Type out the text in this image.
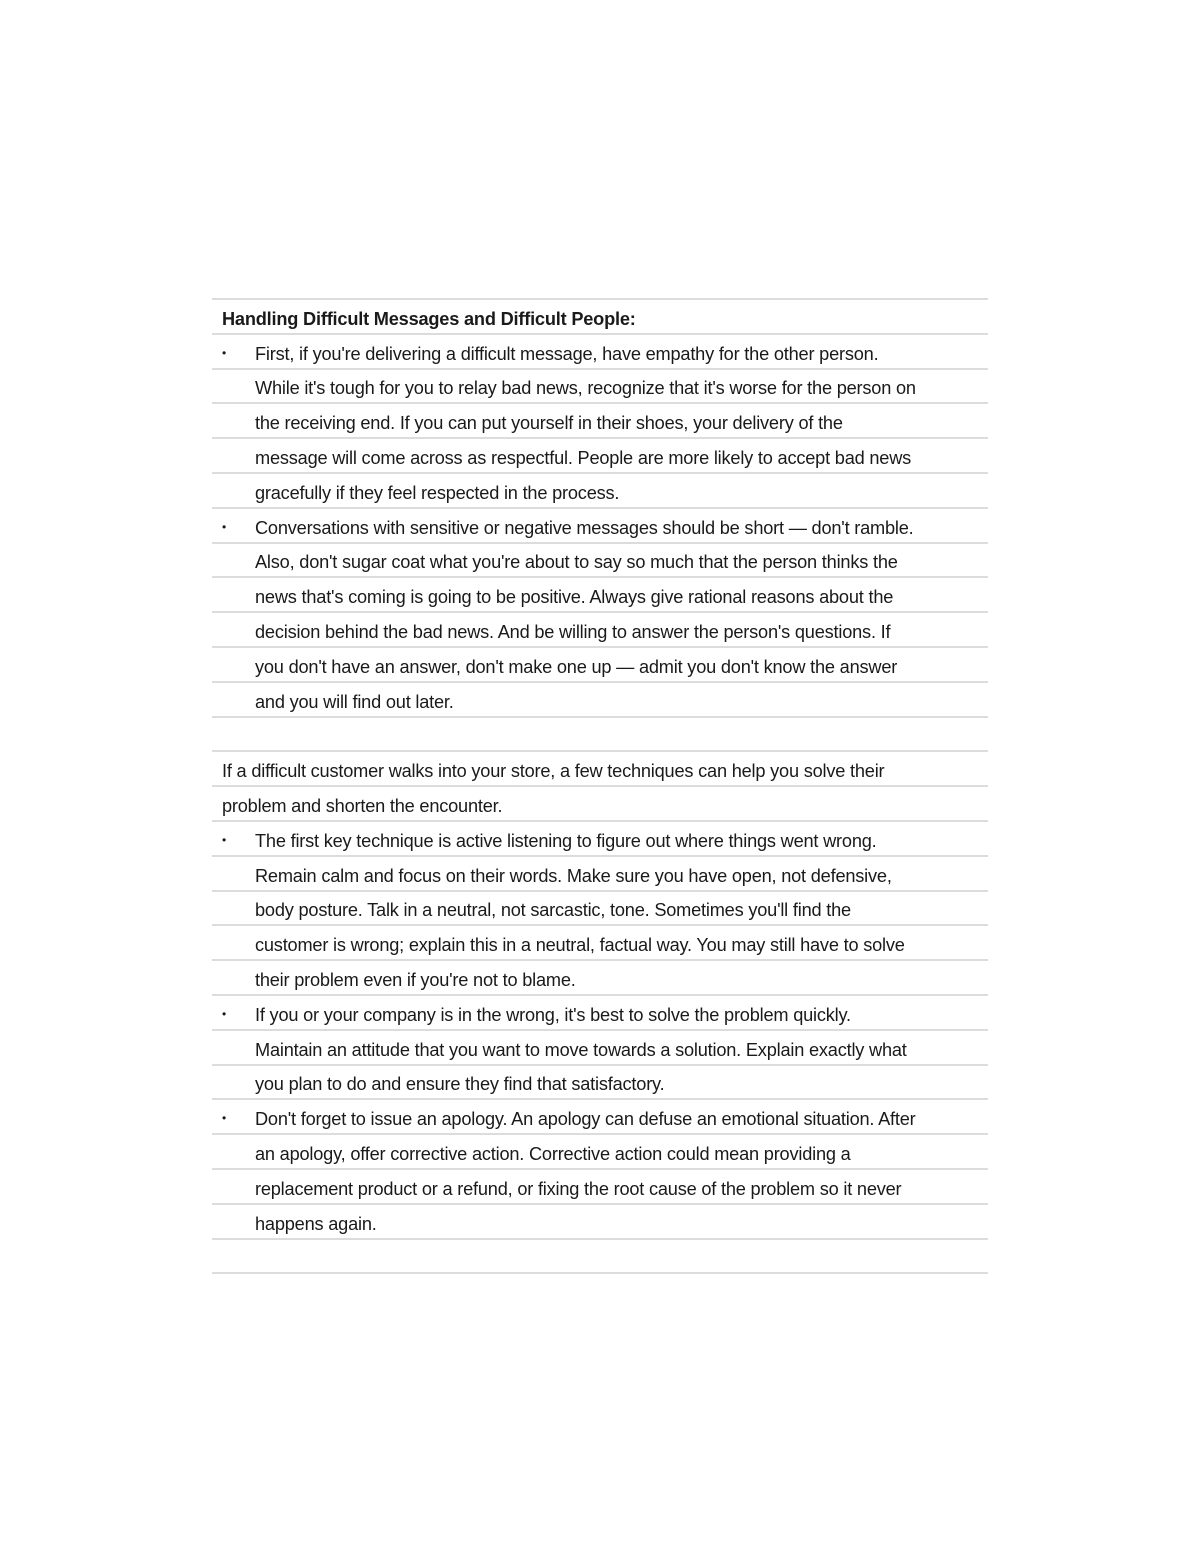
Handling Difficult Messages and Difficult People:
• First, if you're delivering a difficult message, have empathy for the other person.
While it's tough for you to relay bad news, recognize that it's worse for the person on
the receiving end. If you can put yourself in their shoes, your delivery of the
message will come across as respectful. People are more likely to accept bad news
gracefully if they feel respected in the process.
• Conversations with sensitive or negative messages should be short — don't ramble.
Also, don't sugar coat what you're about to say so much that the person thinks the
news that's coming is going to be positive. Always give rational reasons about the
decision behind the bad news. And be willing to answer the person's questions. If
you don't have an answer, don't make one up — admit you don't know the answer
and you will find out later.
If a difficult customer walks into your store, a few techniques can help you solve their
problem and shorten the encounter.
• The first key technique is active listening to figure out where things went wrong.
Remain calm and focus on their words. Make sure you have open, not defensive,
body posture. Talk in a neutral, not sarcastic, tone. Sometimes you'll find the
customer is wrong; explain this in a neutral, factual way. You may still have to solve
their problem even if you're not to blame.
• If you or your company is in the wrong, it's best to solve the problem quickly.
Maintain an attitude that you want to move towards a solution. Explain exactly what
you plan to do and ensure they find that satisfactory.
• Don't forget to issue an apology. An apology can defuse an emotional situation. After
an apology, offer corrective action. Corrective action could mean providing a
replacement product or a refund, or fixing the root cause of the problem so it never
happens again.
